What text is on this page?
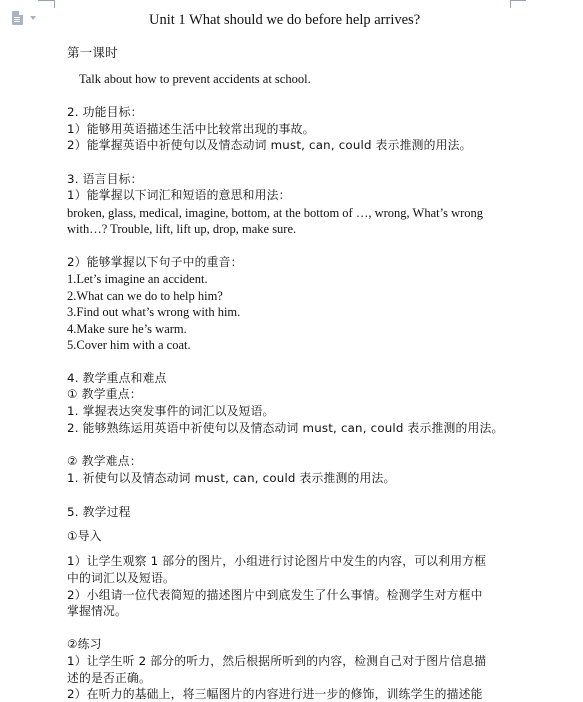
Unit 1 What should we do before help arrives?
第一课时
Talk about how to prevent accidents at school.
2. 功能目标：
1）能够用英语描述生活中比较常出现的事故。
2）能掌握英语中祈使句以及情态动词 must, can, could 表示推测的用法。
3. 语言目标：
1）能掌握以下词汇和短语的意思和用法：
broken, glass, medical, imagine, bottom, at the bottom of …, wrong, What’s wrong
with…? Trouble, lift, lift up, drop, make sure.
2）能够掌握以下句子中的重音：
1.Let’s imagine an accident.
2.What can we do to help him?
3.Find out what’s wrong with him.
4.Make sure he’s warm.
5.Cover him with a coat.
4. 教学重点和难点
① 教学重点：
1. 掌握表达突发事件的词汇以及短语。
2. 能够熟练运用英语中祈使句以及情态动词 must, can, could 表示推测的用法。
② 教学难点：
1. 祈使句以及情态动词 must, can, could 表示推测的用法。
5. 教学过程
①导入
1）让学生观察 1 部分的图片，小组进行讨论图片中发生的内容，可以利用方框
中的词汇以及短语。
2）小组请一位代表简短的描述图片中到底发生了什么事情。检测学生对方框中
掌握情况。
②练习
1）让学生听 2 部分的听力，然后根据所听到的内容，检测自己对于图片信息描
述的是否正确。
2）在听力的基础上，将三幅图片的内容进行进一步的修饰，训练学生的描述能
